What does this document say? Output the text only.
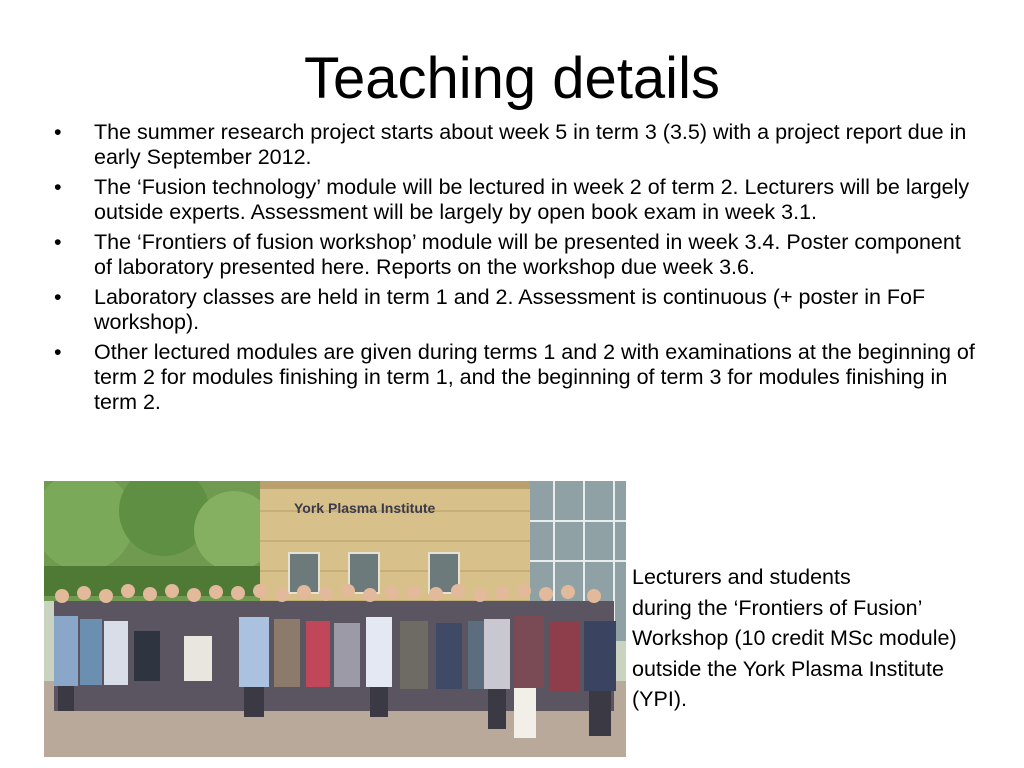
Teaching details
• The summer research project starts about week 5 in term 3 (3.5) with a project report due in early September 2012.
• The ‘Fusion technology’ module will be lectured in week 2 of term 2. Lecturers will be largely outside experts. Assessment will be largely by open book exam in week 3.1.
• The ‘Frontiers of fusion workshop’ module will be presented in week 3.4. Poster component of laboratory presented here. Reports on the workshop due week 3.6.
• Laboratory classes are held in term 1 and 2. Assessment is continuous (+ poster in FoF workshop).
• Other lectured modules are given during terms 1 and 2 with examinations at the beginning of term 2 for modules finishing in term 1, and the beginning of term 3 for modules finishing in term 2.
York Plasma Institute
Lecturers and students
during the ‘Frontiers of Fusion’
Workshop (10 credit MSc module)
outside the York Plasma Institute
(YPI).
